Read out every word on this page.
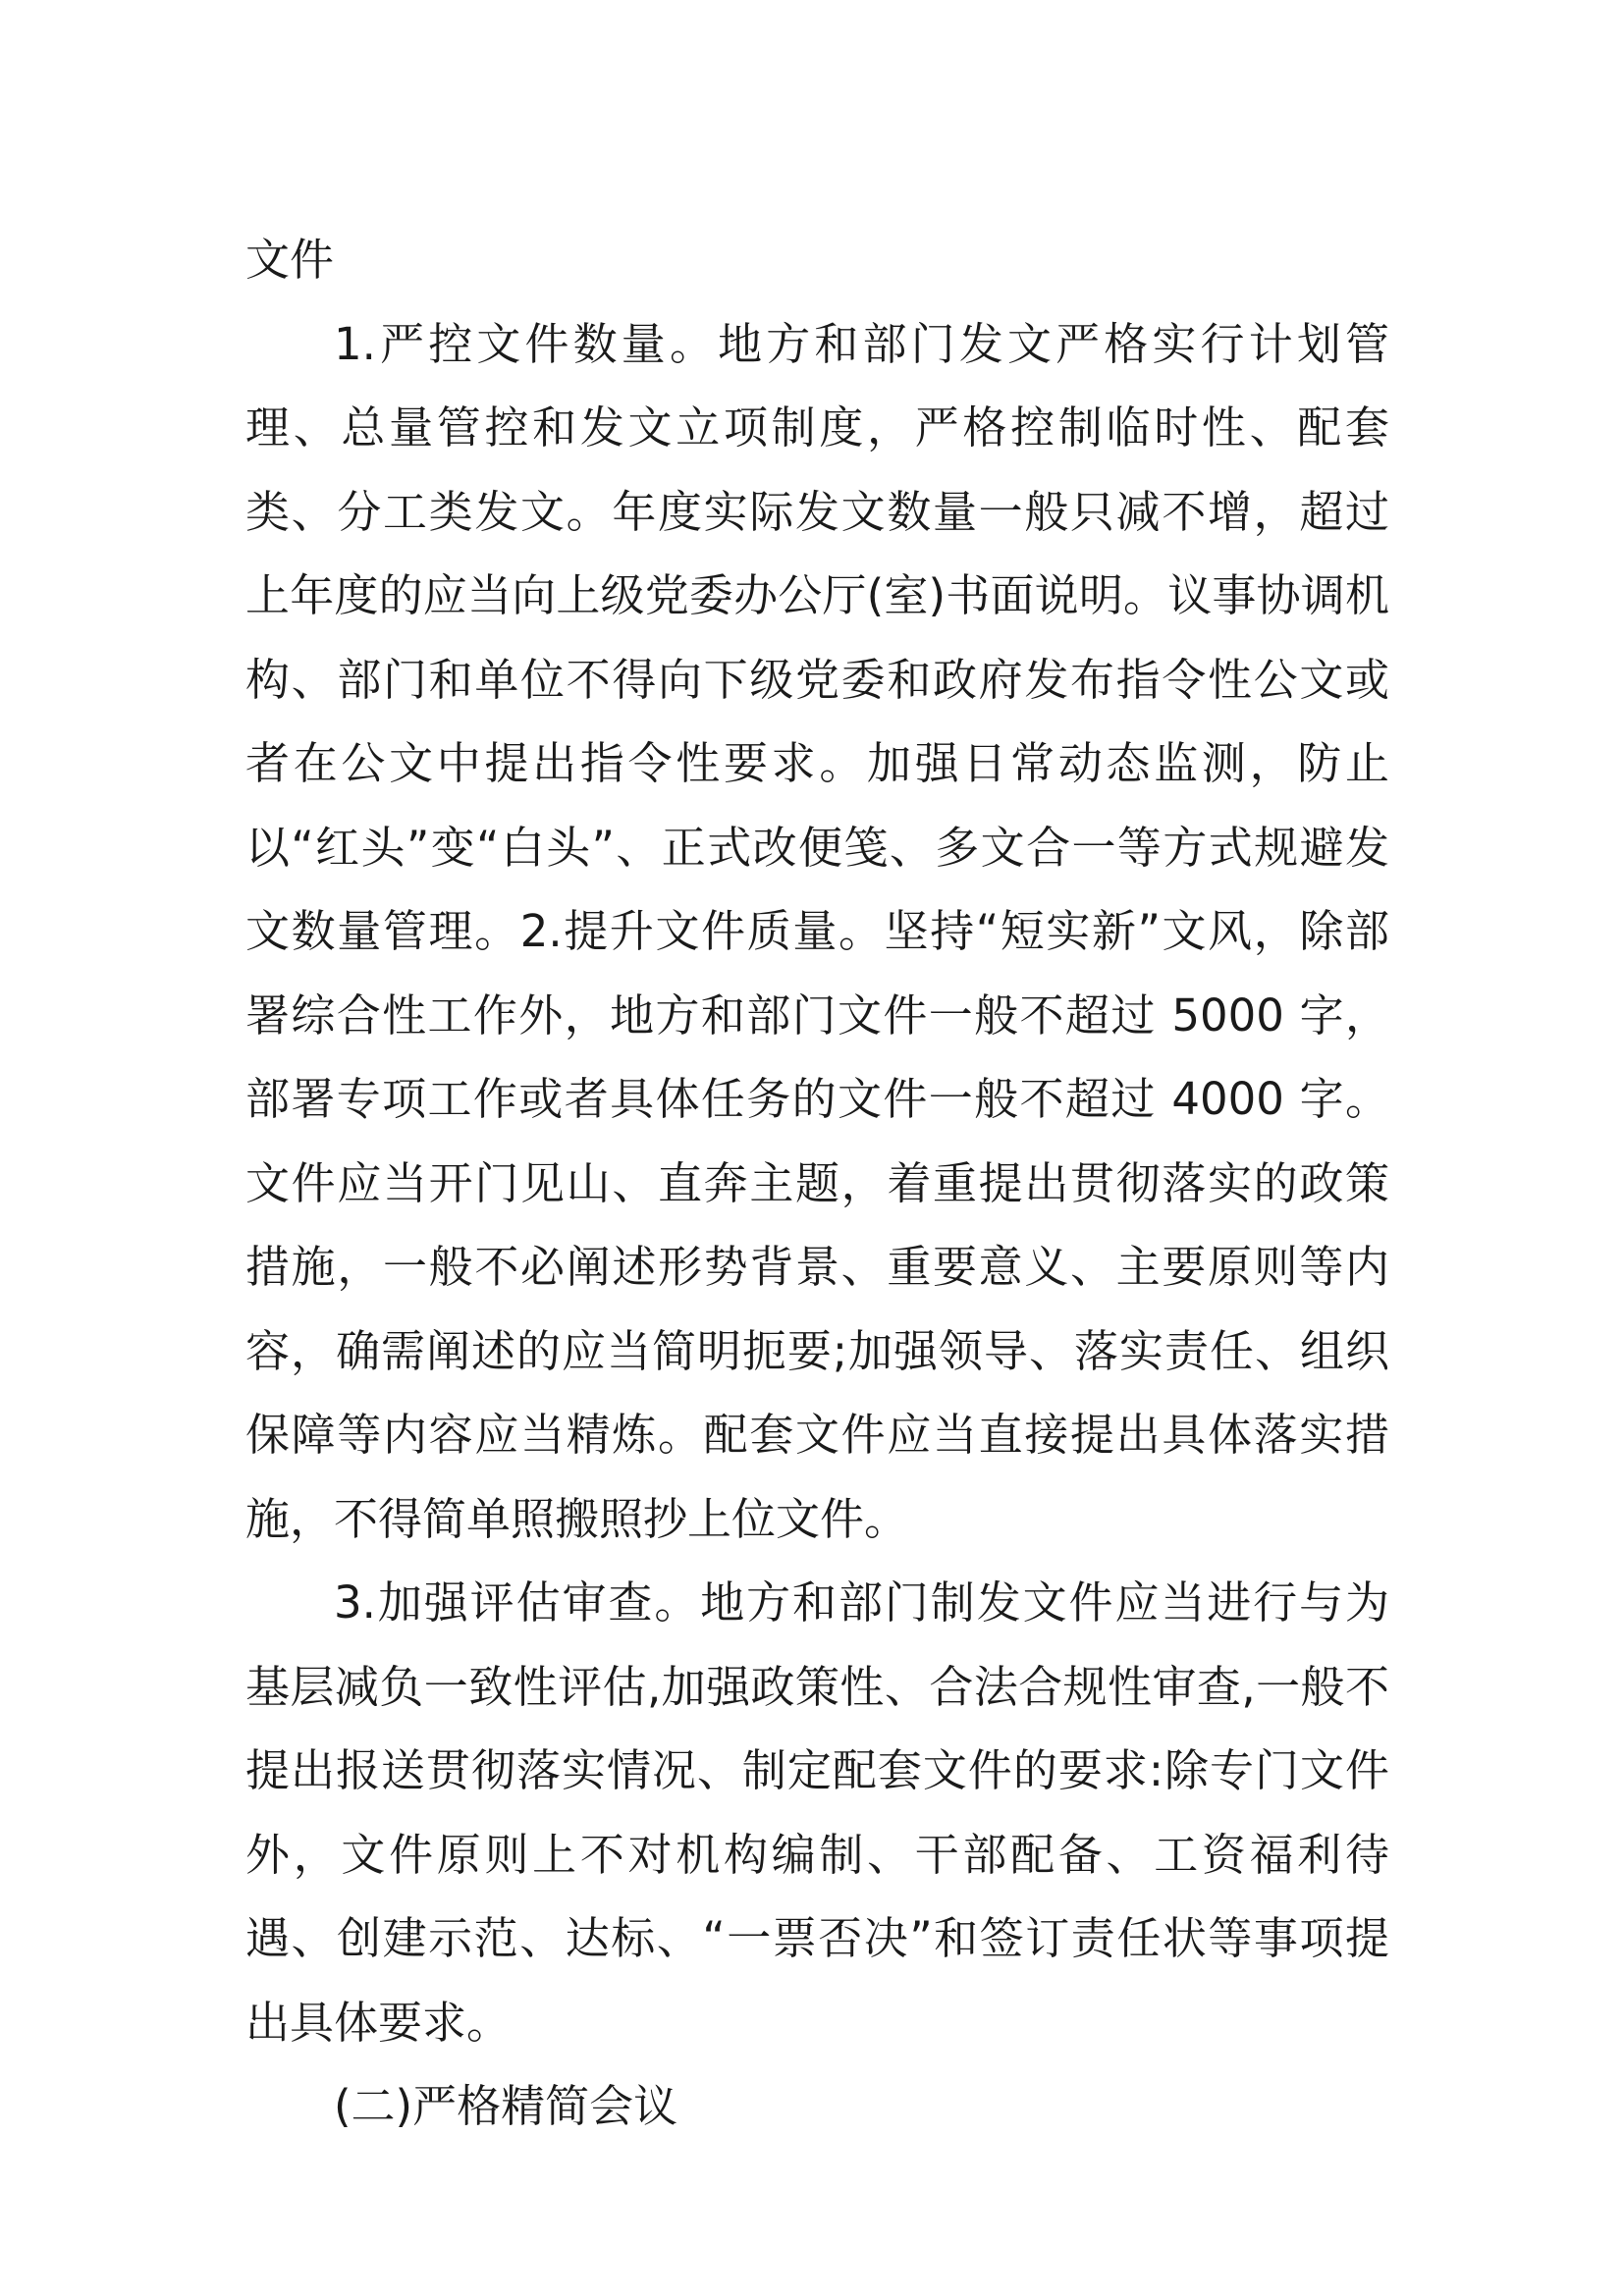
文件

1.严控文件数量。地方和部门发文严格实行计划管理、总量管控和发文立项制度，严格控制临时性、配套类、分工类发文。年度实际发文数量一般只减不增，超过上年度的应当向上级党委办公厅(室)书面说明。议事协调机构、部门和单位不得向下级党委和政府发布指令性公文或者在公文中提出指令性要求。加强日常动态监测，防止以“红头”变“白头”、正式改便笺、多文合一等方式规避发文数量管理。2.提升文件质量。坚持“短实新”文风，除部署综合性工作外，地方和部门文件一般不超过 5000 字，部署专项工作或者具体任务的文件一般不超过 4000 字。文件应当开门见山、直奔主题，着重提出贯彻落实的政策措施，一般不必阐述形势背景、重要意义、主要原则等内容，确需阐述的应当简明扼要;加强领导、落实责任、组织保障等内容应当精炼。配套文件应当直接提出具体落实措施，不得简单照搬照抄上位文件。

3.加强评估审查。地方和部门制发文件应当进行与为基层减负一致性评估,加强政策性、合法合规性审查,一般不提出报送贯彻落实情况、制定配套文件的要求:除专门文件外，文件原则上不对机构编制、干部配备、工资福利待遇、创建示范、达标、“一票否决”和签订责任状等事项提出具体要求。

(二)严格精简会议
